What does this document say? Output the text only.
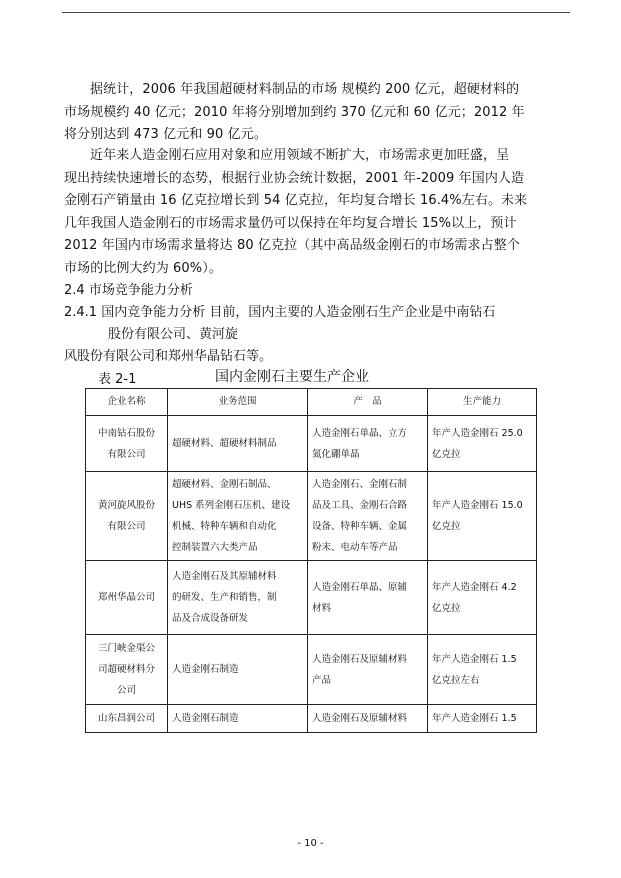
据统计，2006 年我国超硬材料制品的市场 规模约 200 亿元，超硬材料的
市场规模约 40 亿元；2010 年将分别增加到约 370 亿元和 60 亿元；2012 年
将分别达到 473 亿元和 90 亿元。
近年来人造金刚石应用对象和应用领域不断扩大，市场需求更加旺盛，呈
现出持续快速增长的态势，根据行业协会统计数据，2001 年-2009 年国内人造
金刚石产销量由 16 亿克拉增长到 54 亿克拉，年均复合增长 16.4%左右。未来
几年我国人造金刚石的市场需求量仍可以保持在年均复合增长 15%以上，预计
2012 年国内市场需求量将达 80 亿克拉（其中高品级金刚石的市场需求占整个
市场的比例大约为 60%）。
2.4 市场竞争能力分析
2.4.1 国内竞争能力分析 目前，国内主要的人造金刚石生产企业是中南钻石
股份有限公司、黄河旋
风股份有限公司和郑州华晶钻石等。
表 2-1	国内金刚石主要生产企业
企业名称	业务范围	产　品	生产能力

中南钻石股份
有限公司	超硬材料、超硬材料制品	人造金刚石单晶、立方
氮化硼单晶	年产人造金刚石 25.0
亿克拉

黄河旋风股份
有限公司	超硬材料、金刚石制品、
UHS 系列金刚石压机、建设
机械、特种车辆和自动化
控制装置六大类产品	人造金刚石、金刚石制
品及工具、金刚石合路
设备、特种车辆、金属
粉末、电动车等产品	年产人造金刚石 15.0
亿克拉

郑州华晶公司	人造金刚石及其原辅材料
的研发、生产和销售，制
品及合成设备研发	人造金刚石单晶、原辅
材料	年产人造金刚石 4.2
亿克拉

三门峡金渠公
司超硬材料分
公司	人造金刚石制造	人造金刚石及原辅材料
产品	年产人造金刚石 1.5
亿克拉左右

山东昌润公司	人造金刚石制造	人造金刚石及原辅材料	年产人造金刚石 1.5
- 10 -
